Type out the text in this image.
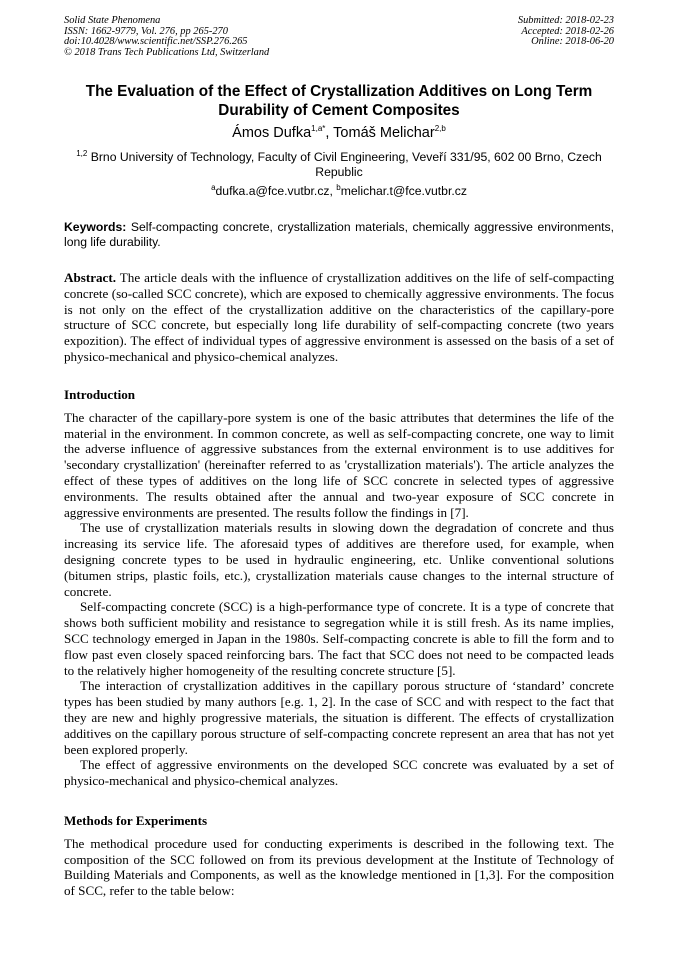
Solid State Phenomena
ISSN: 1662-9779, Vol. 276, pp 265-270
doi:10.4028/www.scientific.net/SSP.276.265
© 2018 Trans Tech Publications Ltd, Switzerland
Submitted: 2018-02-23
Accepted: 2018-02-26
Online: 2018-06-20
The Evaluation of the Effect of Crystallization Additives on Long Term Durability of Cement Composites
Ámos Dufka$^{1,a*}$, Tomáš Melichar$^{2,b}$
$^{1,2}$ Brno University of Technology, Faculty of Civil Engineering, Veveří 331/95, 602 00 Brno, Czech Republic
$^a$dufka.a@fce.vutbr.cz, $^b$melichar.t@fce.vutbr.cz
Keywords: Self-compacting concrete, crystallization materials, chemically aggressive environments, long life durability.
Abstract. The article deals with the influence of crystallization additives on the life of self-compacting concrete (so-called SCC concrete), which are exposed to chemically aggressive environments. The focus is not only on the effect of the crystallization additive on the characteristics of the capillary-pore structure of SCC concrete, but especially long life durability of self-compacting concrete (two years expozition). The effect of individual types of aggressive environment is assessed on the basis of a set of physico-mechanical and physico-chemical analyzes.
Introduction

The character of the capillary-pore system is one of the basic attributes that determines the life of the material in the environment. In common concrete, as well as self-compacting concrete, one way to limit the adverse influence of aggressive substances from the external environment is to use additives for 'secondary crystallization' (hereinafter referred to as 'crystallization materials'). The article analyzes the effect of these types of additives on the long life of SCC concrete in selected types of aggressive environments. The results obtained after the annual and two-year exposure of SCC concrete in aggressive environments are presented. The results follow the findings in [7].

The use of crystallization materials results in slowing down the degradation of concrete and thus increasing its service life. The aforesaid types of additives are therefore used, for example, when designing concrete types to be used in hydraulic engineering, etc. Unlike conventional solutions (bitumen strips, plastic foils, etc.), crystallization materials cause changes to the internal structure of concrete.

Self-compacting concrete (SCC) is a high-performance type of concrete. It is a type of concrete that shows both sufficient mobility and resistance to segregation while it is still fresh. As its name implies, SCC technology emerged in Japan in the 1980s. Self-compacting concrete is able to fill the form and to flow past even closely spaced reinforcing bars. The fact that SCC does not need to be compacted leads to the relatively higher homogeneity of the resulting concrete structure [5].

The interaction of crystallization additives in the capillary porous structure of ‘standard’ concrete types has been studied by many authors [e.g. 1, 2]. In the case of SCC and with respect to the fact that they are new and highly progressive materials, the situation is different. The effects of crystallization additives on the capillary porous structure of self-compacting concrete represent an area that has not yet been explored properly.

The effect of aggressive environments on the developed SCC concrete was evaluated by a set of physico-mechanical and physico-chemical analyzes.

Methods for Experiments

The methodical procedure used for conducting experiments is described in the following text. The composition of the SCC followed on from its previous development at the Institute of Technology of Building Materials and Components, as well as the knowledge mentioned in [1,3]. For the composition of SCC, refer to the table below:
